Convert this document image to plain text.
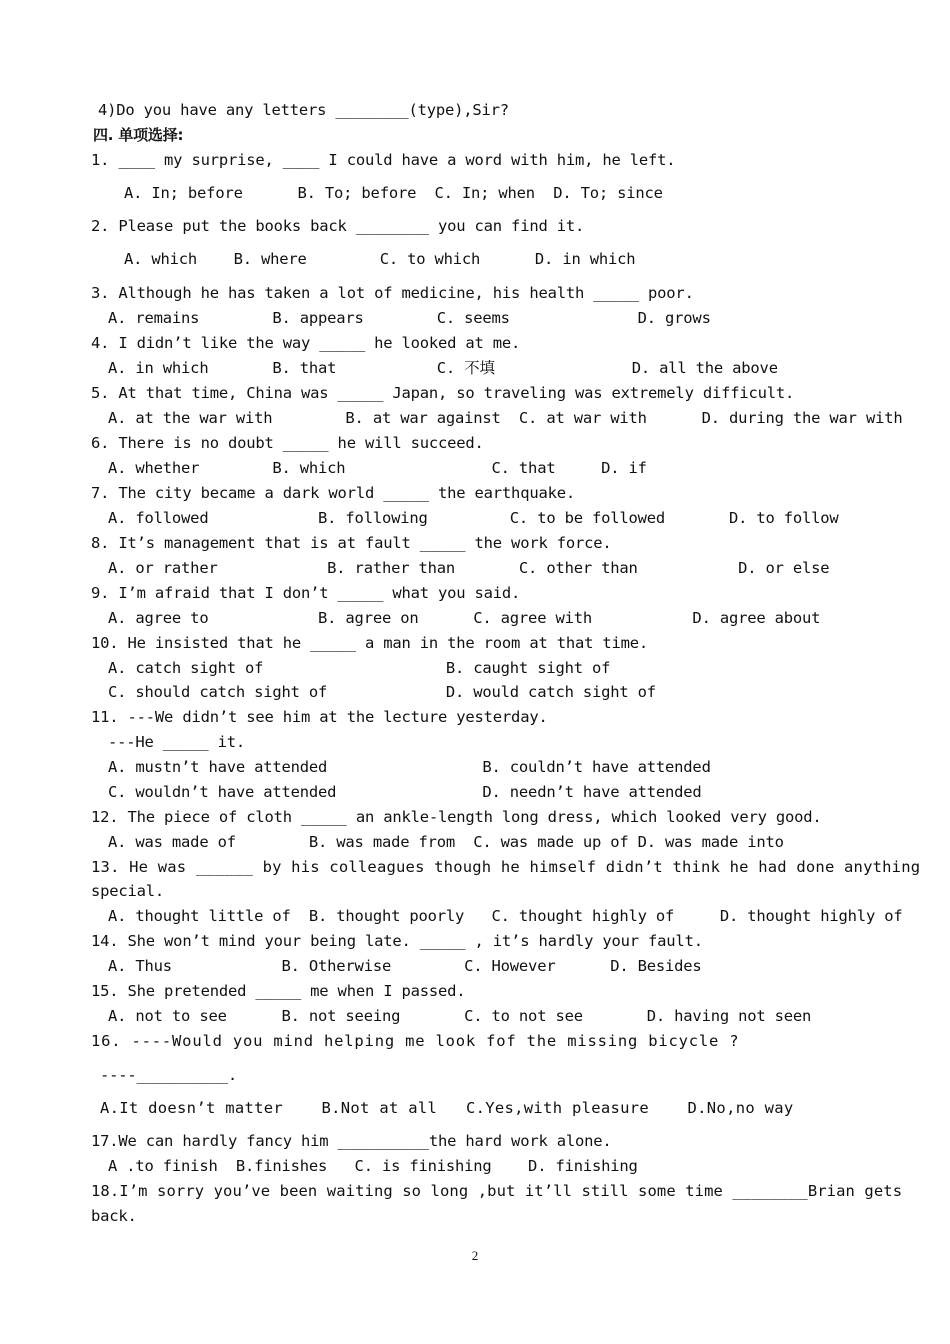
4)Do you have any letters ________(type),Sir?
四. 单项选择:
1. ____ my surprise, ____ I could have a word with him, he left.
A. In; before      B. To; before  C. In; when  D. To; since
2. Please put the books back ________ you can find it.
A. which    B. where        C. to which      D. in which
3. Although he has taken a lot of medicine, his health _____ poor.
A. remains        B. appears        C. seems              D. grows
4. I didn’t like the way _____ he looked at me.
A. in which       B. that           C. 不填               D. all the above
5. At that time, China was _____ Japan, so traveling was extremely difficult.
A. at the war with        B. at war against  C. at war with      D. during the war with
6. There is no doubt _____ he will succeed.
A. whether        B. which                C. that     D. if
7. The city became a dark world _____ the earthquake.
A. followed            B. following         C. to be followed       D. to follow
8. It’s management that is at fault _____ the work force.
A. or rather            B. rather than       C. other than           D. or else
9. I’m afraid that I don’t _____ what you said.
A. agree to            B. agree on      C. agree with           D. agree about
10. He insisted that he _____ a man in the room at that time.
A. catch sight of                    B. caught sight of
C. should catch sight of             D. would catch sight of
11. ---We didn’t see him at the lecture yesterday.
---He _____ it.
A. mustn’t have attended                 B. couldn’t have attended
C. wouldn’t have attended                D. needn’t have attended
12. The piece of cloth _____ an ankle-length long dress, which looked very good.
A. was made of        B. was made from  C. was made up of D. was made into
13. He was ______ by his colleagues though he himself didn’t think he had done anything
special.
A. thought little of  B. thought poorly   C. thought highly of     D. thought highly of
14. She won’t mind your being late. _____ , it’s hardly your fault.
A. Thus            B. Otherwise        C. However      D. Besides
15. She pretended _____ me when I passed.
A. not to see      B. not seeing       C. to not see       D. having not seen
16. ----Would you mind helping me look fof the missing bicycle ?
----__________.
A.It doesn’t matter    B.Not at all   C.Yes,with pleasure    D.No,no way
17.We can hardly fancy him __________the hard work alone.
A .to finish  B.finishes   C. is finishing    D. finishing
18.I’m sorry you’ve been waiting so long ,but it’ll still some time ________Brian gets
back.
2
